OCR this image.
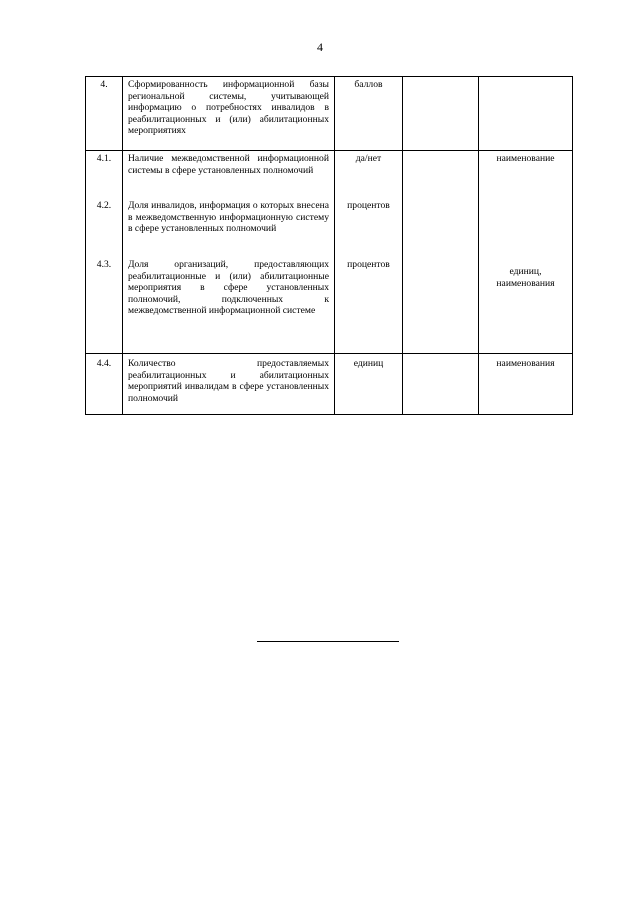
4
4.	Сформированность информационной базы региональной системы, учитывающей информацию о потребностях инвалидов в реабилитационных и (или) абилитационных мероприятиях	баллов		
4.1.	Наличие межведомственной информационной системы в сфере установленных полномочий	да/нет		наименование
4.2.	Доля инвалидов, информация о которых внесена в межведомственную информационную систему в сфере установленных полномочий	процентов		
4.3.	Доля организаций, предоставляющих реабилитационные и (или) абилитационные мероприятия в сфере установленных полномочий, подключенных к межведомственной информационной системе	процентов		единиц, наименования
4.4.	Количество предоставляемых реабилитационных и абилитационных мероприятий инвалидам в сфере установленных полномочий	единиц		наименования
